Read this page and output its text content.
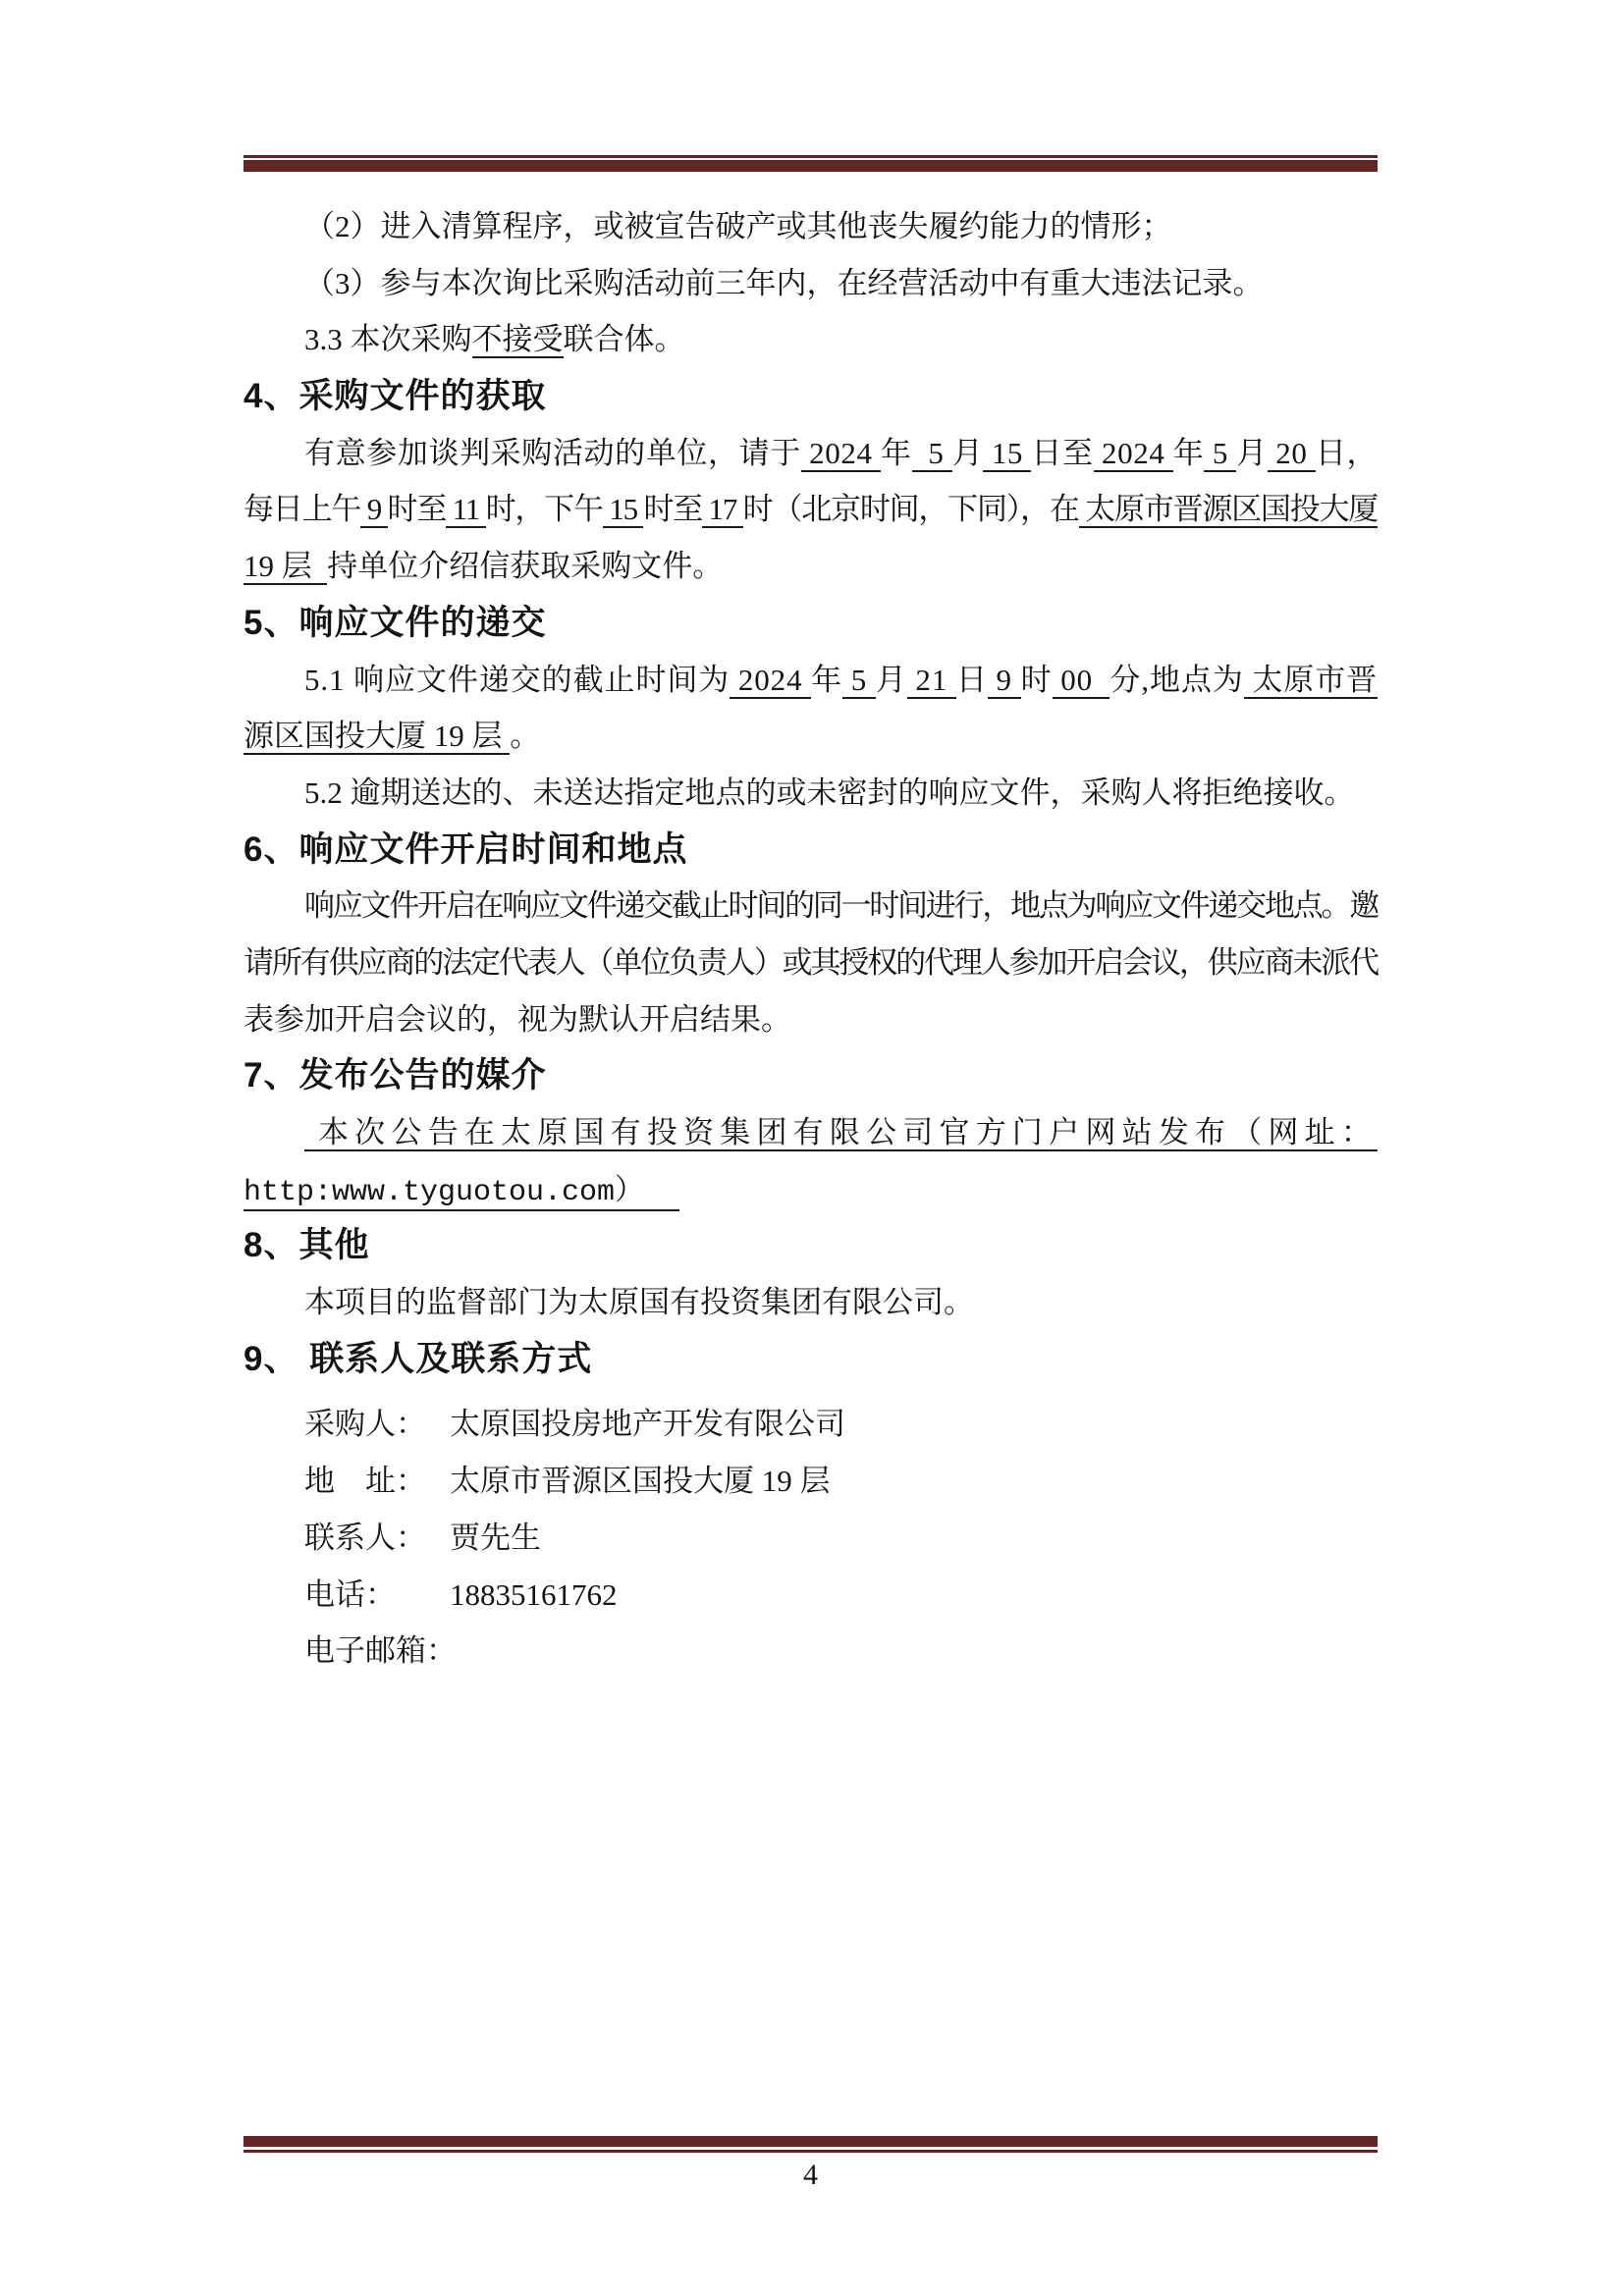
（2）进入清算程序，或被宣告破产或其他丧失履约能力的情形；
（3）参与本次询比采购活动前三年内，在经营活动中有重大违法记录。
3.3 本次采购不接受联合体。
4、采购文件的获取
有意参加谈判采购活动的单位，请于 2024 年  5 月 15 日至 2024 年 5 月 20 日，
每日上午 9 时至 11 时，下午 15 时至 17 时（北京时间，下同），在 太原市晋源区国投大厦
19 层  持单位介绍信获取采购文件。
5、响应文件的递交
5.1 响应文件递交的截止时间为 2024 年 5 月 21 日 9 时 00  分,地点为 太原市晋
源区国投大厦 19 层 。
5.2 逾期送达的、未送达指定地点的或未密封的响应文件，采购人将拒绝接收。
6、响应文件开启时间和地点
响应文件开启在响应文件递交截止时间的同一时间进行，地点为响应文件递交地点。邀
请所有供应商的法定代表人（单位负责人）或其授权的代理人参加开启会议，供应商未派代
表参加开启会议的，视为默认开启结果。
7、发布公告的媒介
本次公告在太原国有投资集团有限公司官方门户网站发布（网址：
http:www.tyguotou.com）
8、其他
本项目的监督部门为太原国有投资集团有限公司。
9、 联系人及联系方式
采购人： 太原国投房地产开发有限公司
地　址： 太原市晋源区国投大厦 19 层
联系人： 贾先生
电话： 18835161762
电子邮箱：
4
